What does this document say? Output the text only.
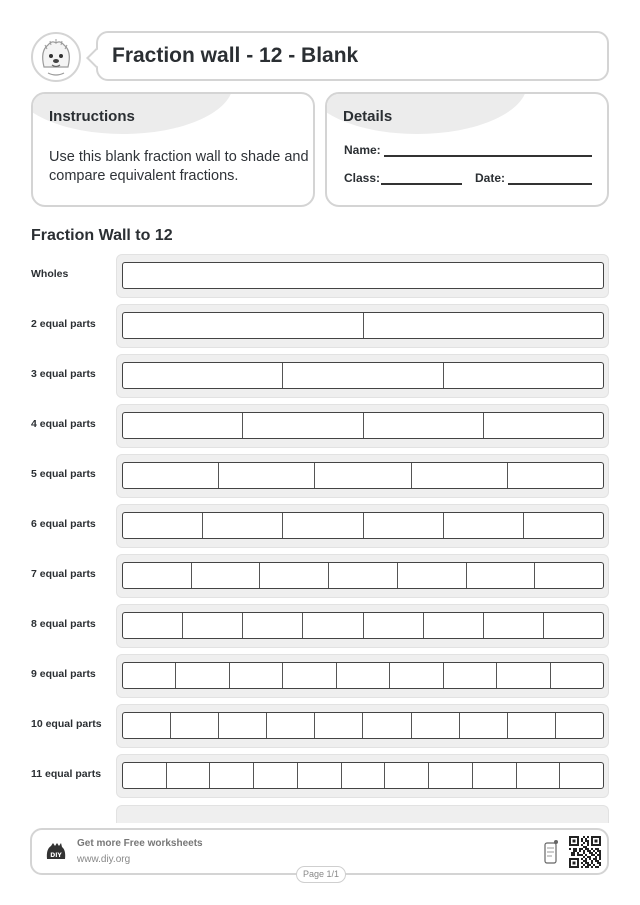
Fraction wall - 12 - Blank
Instructions
Use this blank fraction wall to shade and compare equivalent fractions.
Details
Name:
Class:	Date:
Fraction Wall to 12
Wholes
2 equal parts
3 equal parts
4 equal parts
5 equal parts
6 equal parts
7 equal parts
8 equal parts
9 equal parts
10 equal parts
11 equal parts
DIY
Get more Free worksheets
www.diy.org
Page 1/1
